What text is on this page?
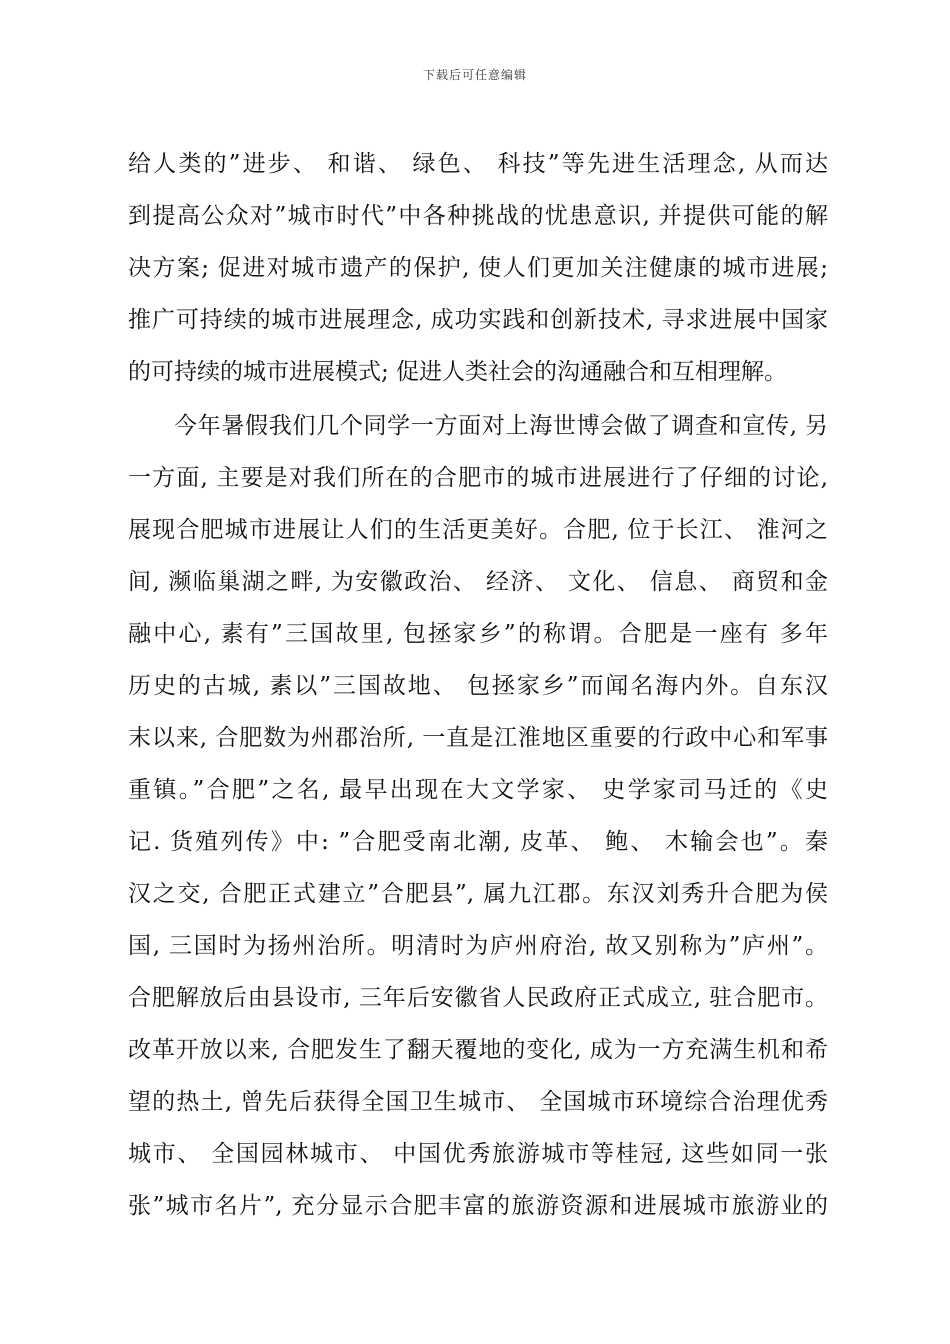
下载后可任意编辑
给人类的”进步、 和谐、 绿色、 科技”等先进生活理念, 从而达
到提高公众对”城市时代”中各种挑战的忧患意识, 并提供可能的解
决方案; 促进对城市遗产的保护, 使人们更加关注健康的城市进展;
推广可持续的城市进展理念, 成功实践和创新技术, 寻求进展中国家
的可持续的城市进展模式; 促进人类社会的沟通融合和互相理解。
今年暑假我们几个同学一方面对上海世博会做了调查和宣传, 另
一方面, 主要是对我们所在的合肥市的城市进展进行了仔细的讨论,
展现合肥城市进展让人们的生活更美好。合肥, 位于长江、 淮河之
间, 濒临巢湖之畔, 为安徽政治、 经济、 文化、 信息、 商贸和金
融中心, 素有”三国故里, 包拯家乡”的称谓。合肥是一座有 多年
历史的古城, 素以”三国故地、 包拯家乡”而闻名海内外。自东汉
末以来, 合肥数为州郡治所, 一直是江淮地区重要的行政中心和军事
重镇。”合肥”之名, 最早出现在大文学家、 史学家司马迁的《史
记. 货殖列传》中: ”合肥受南北潮, 皮革、 鲍、 木输会也”。秦
汉之交, 合肥正式建立”合肥县”, 属九江郡。东汉刘秀升合肥为侯
国, 三国时为扬州治所。明清时为庐州府治, 故又别称为”庐州”。
合肥解放后由县设市, 三年后安徽省人民政府正式成立, 驻合肥市。
改革开放以来, 合肥发生了翻天覆地的变化, 成为一方充满生机和希
望的热土, 曾先后获得全国卫生城市、 全国城市环境综合治理优秀
城市、 全国园林城市、 中国优秀旅游城市等桂冠, 这些如同一张
张”城市名片”, 充分显示合肥丰富的旅游资源和进展城市旅游业的
